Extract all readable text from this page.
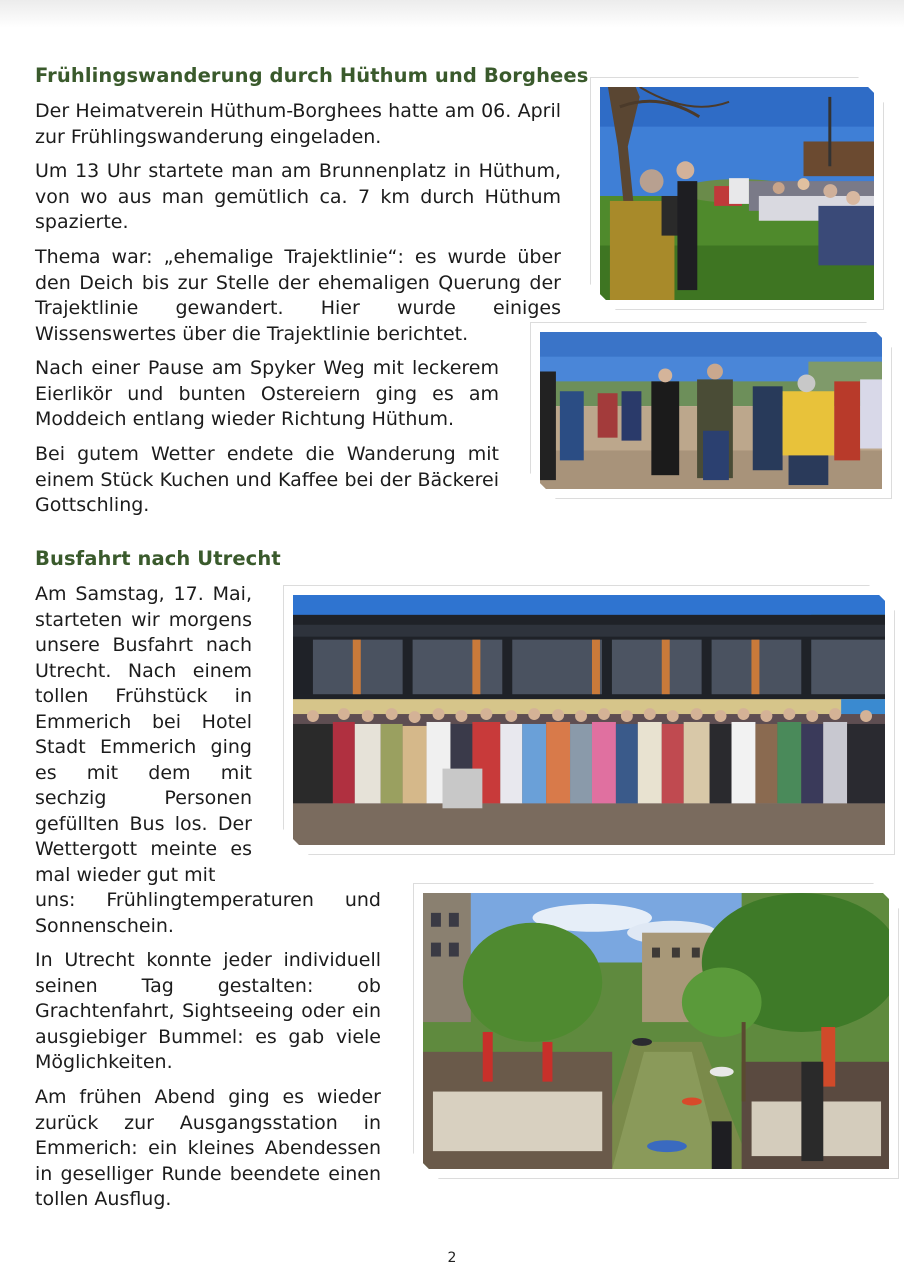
Frühlingswanderung durch Hüthum und Borghees

Der Heimatverein Hüthum-Borghees hatte am 06. April zur Frühlingswanderung eingeladen.

Um 13 Uhr startete man am Brunnenplatz in Hüthum, von wo aus man gemütlich ca. 7 km durch Hüthum spazierte.

Thema war: „ehemalige Trajektlinie“: es wurde über den Deich bis zur Stelle der ehemaligen Querung der Trajektlinie gewandert. Hier wurde einiges Wissenswertes über die Trajektlinie berichtet.

Nach einer Pause am Spyker Weg mit leckerem Eierlikör und bunten Ostereiern ging es am Moddeich entlang wieder Richtung Hüthum.

Bei gutem Wetter endete die Wanderung mit einem Stück Kuchen und Kaffee bei der Bäckerei Gottschling.

Busfahrt nach Utrecht

Am Samstag, 17. Mai, starteten wir morgens unsere Busfahrt nach Utrecht. Nach einem tollen Frühstück in Emmerich bei Hotel Stadt Emmerich ging es mit dem mit sechzig Personen gefüllten Bus los. Der Wettergott meinte es mal wieder gut mit

uns: Frühlingtemperaturen und Sonnenschein.

In Utrecht konnte jeder individuell seinen Tag gestalten: ob Grachtenfahrt, Sightseeing oder ein ausgiebiger Bummel: es gab viele Möglichkeiten.

Am frühen Abend ging es wieder zurück zur Ausgangsstation in Emmerich: ein kleines Abendessen in geselliger Runde beendete einen tollen Ausflug.

2
